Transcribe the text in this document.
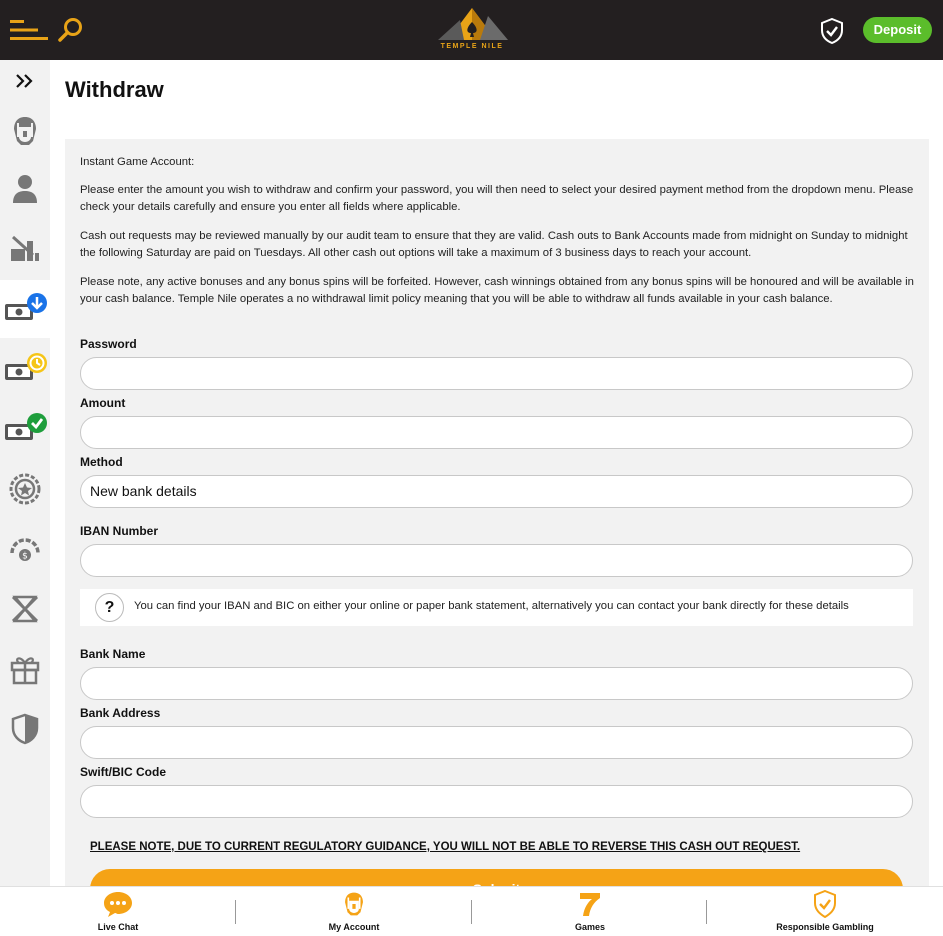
TEMPLE NILE
Deposit
$
Withdraw

Instant Game Account:

Please enter the amount you wish to withdraw and confirm your password, you will then need to select your desired payment method from the dropdown menu. Please check your details carefully and ensure you enter all fields where applicable.

Cash out requests may be reviewed manually by our audit team to ensure that they are valid. Cash outs to Bank Accounts made from midnight on Sunday to midnight the following Saturday are paid on Tuesdays. All other cash out options will take a maximum of 3 business days to reach your account.

Please note, any active bonuses and any bonus spins will be forfeited. However, cash winnings obtained from any bonus spins will be honoured and will be available in your cash balance. Temple Nile operates a no withdrawal limit policy meaning that you will be able to withdraw all funds available in your cash balance.

Password
Amount
Method
New bank details
IBAN Number
?	You can find your IBAN and BIC on either your online or paper bank statement, alternatively you can contact your bank directly for these details
Bank Name
Bank Address
Swift/BIC Code

PLEASE NOTE, DUE TO CURRENT REGULATORY GUIDANCE, YOU WILL NOT BE ABLE TO REVERSE THIS CASH OUT REQUEST.

Live Chat	My Account	Games	Responsible Gambling
